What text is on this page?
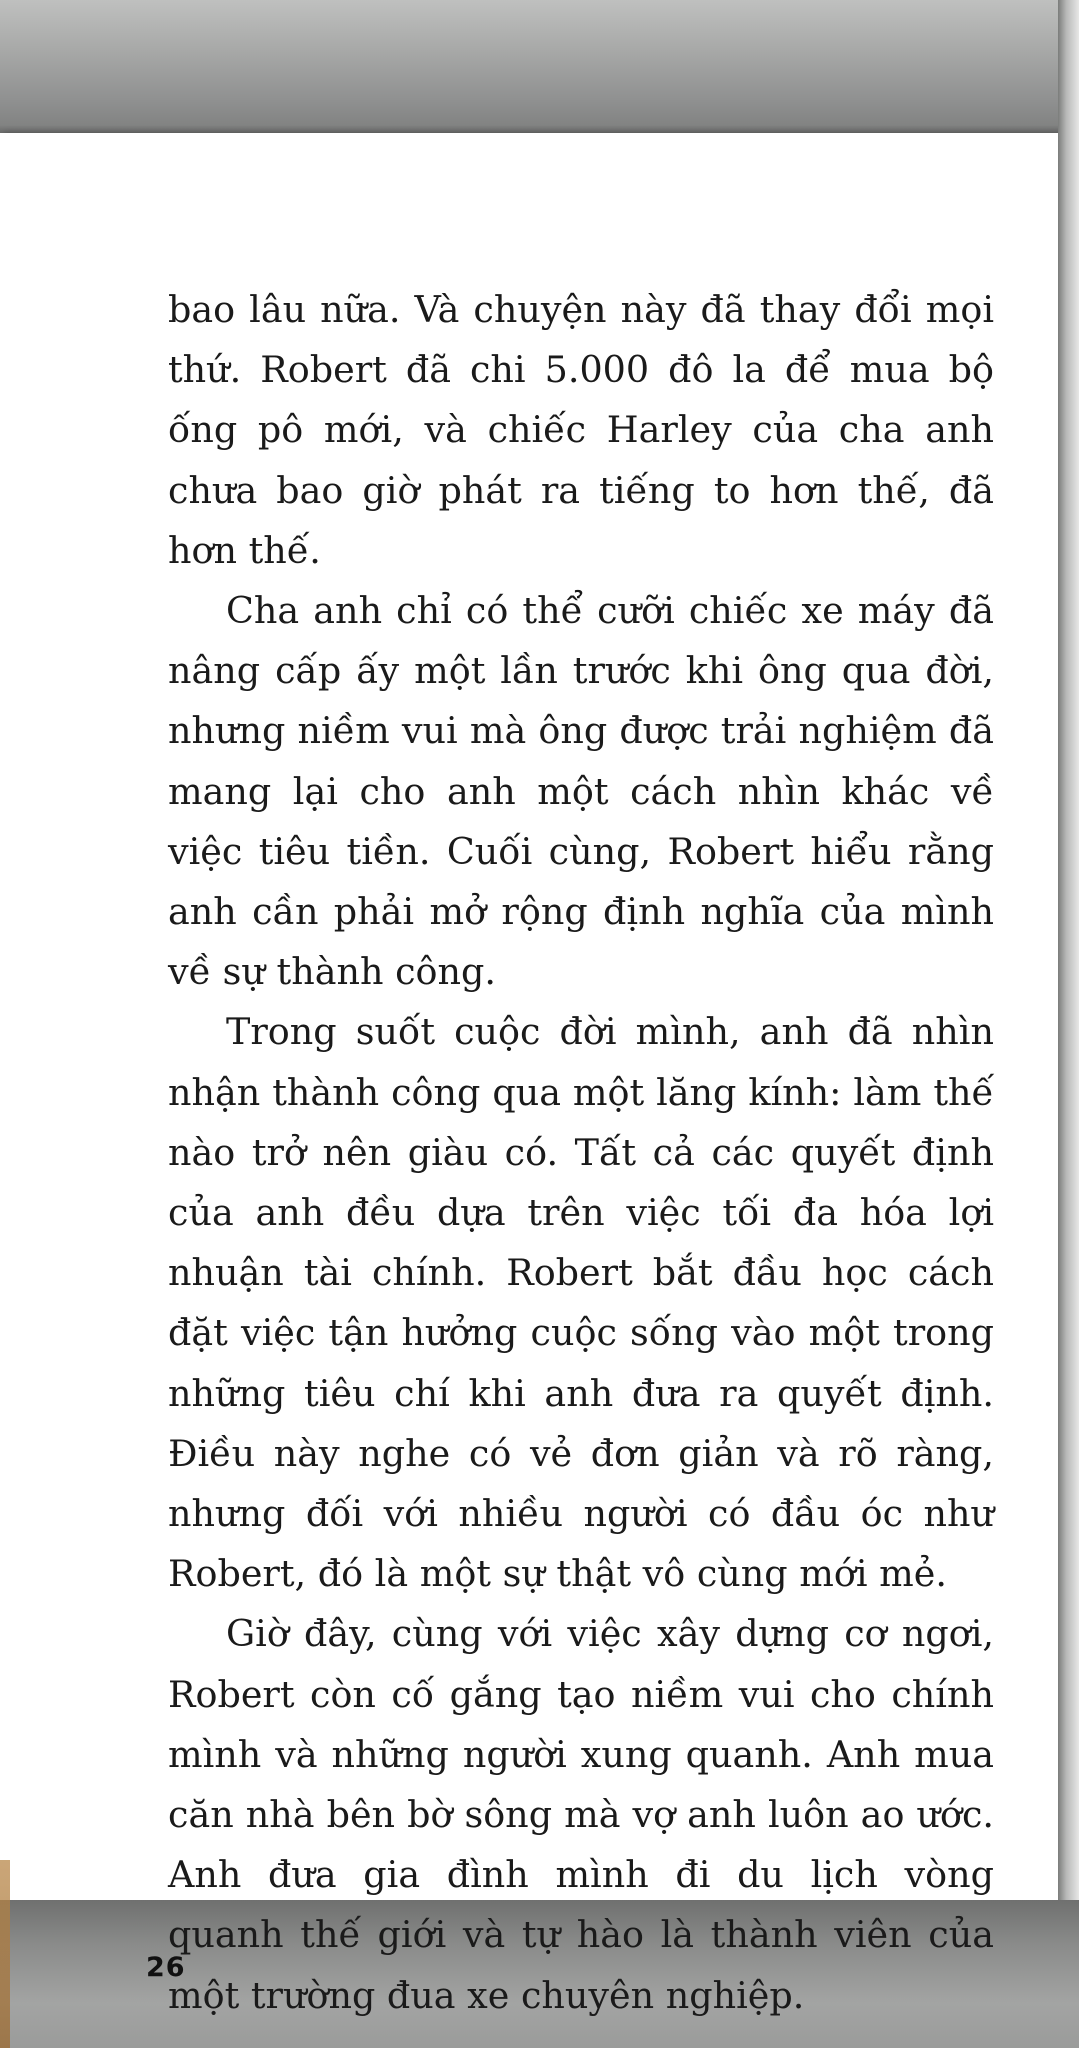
bao lâu nữa. Và chuyện này đã thay đổi mọi thứ. Robert đã chi 5.000 đô la để mua bộ ống pô mới, và chiếc Harley của cha anh chưa bao giờ phát ra tiếng to hơn thế, đã hơn thế.

Cha anh chỉ có thể cưỡi chiếc xe máy đã nâng cấp ấy một lần trước khi ông qua đời, nhưng niềm vui mà ông được trải nghiệm đã mang lại cho anh một cách nhìn khác về việc tiêu tiền. Cuối cùng, Robert hiểu rằng anh cần phải mở rộng định nghĩa của mình về sự thành công.

Trong suốt cuộc đời mình, anh đã nhìn nhận thành công qua một lăng kính: làm thế nào trở nên giàu có. Tất cả các quyết định của anh đều dựa trên việc tối đa hóa lợi nhuận tài chính. Robert bắt đầu học cách đặt việc tận hưởng cuộc sống vào một trong những tiêu chí khi anh đưa ra quyết định. Điều này nghe có vẻ đơn giản và rõ ràng, nhưng đối với nhiều người có đầu óc như Robert, đó là một sự thật vô cùng mới mẻ.

Giờ đây, cùng với việc xây dựng cơ ngơi, Robert còn cố gắng tạo niềm vui cho chính mình và những người xung quanh. Anh mua căn nhà bên bờ sông mà vợ anh luôn ao ước. Anh đưa gia đình mình đi du lịch vòng quanh thế giới và tự hào là thành viên của một trường đua xe chuyên nghiệp.

26
